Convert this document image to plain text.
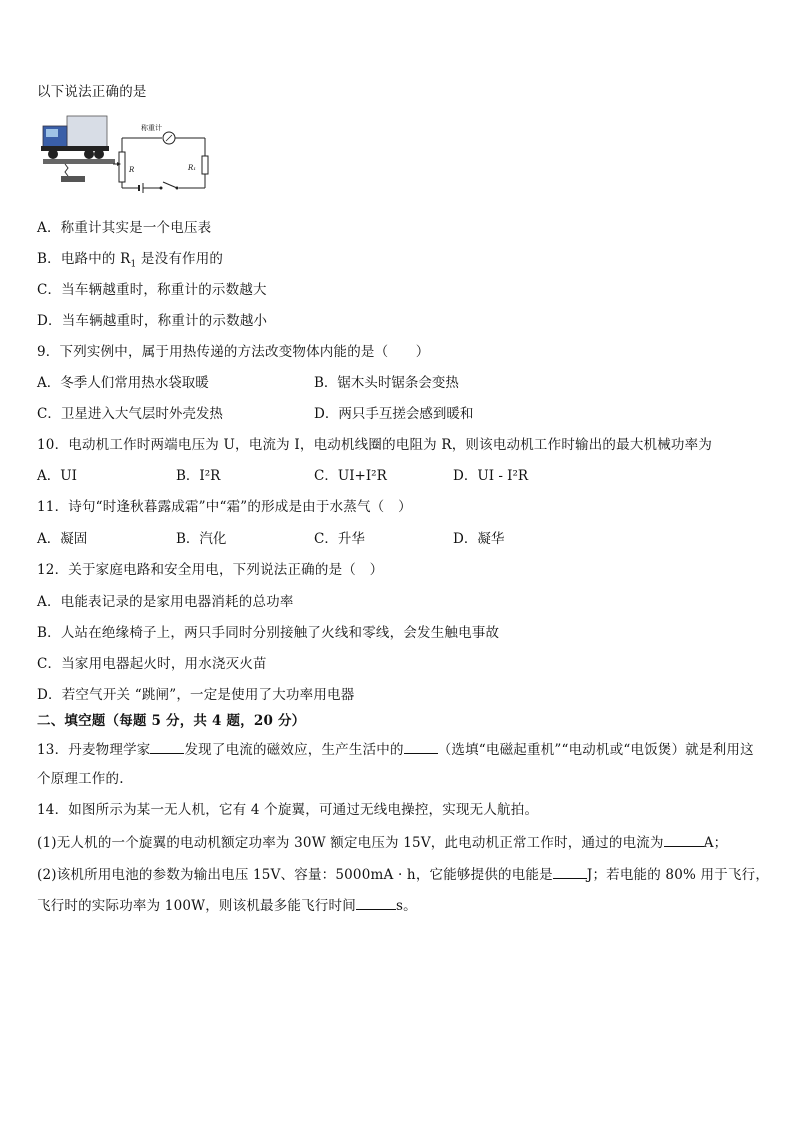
以下说法正确的是
R
称重计
R₁
A．称重计其实是一个电压表
B．电路中的 $R_1$ 是没有作用的
C．当车辆越重时，称重计的示数越大
D．当车辆越重时，称重计的示数越小
9．下列实例中，属于用热传递的方法改变物体内能的是（　　）
A．冬季人们常用热水袋取暖	B．锯木头时锯条会变热
C．卫星进入大气层时外壳发热	D．两只手互搓会感到暖和
10．电动机工作时两端电压为 U，电流为 I，电动机线圈的电阻为 R，则该电动机工作时输出的最大机械功率为
A．UI	B．I²R	C．UI+I²R	D．UI - I²R
11．诗句“时逢秋暮露成霜”中“霜”的形成是由于水蒸气（　）
A．凝固	B．汽化	C．升华	D．凝华
12．关于家庭电路和安全用电，下列说法正确的是（　）
A．电能表记录的是家用电器消耗的总功率
B．人站在绝缘椅子上，两只手同时分别接触了火线和零线，会发生触电事故
C．当家用电器起火时，用水浇灭火苗
D．若空气开关 “跳闸”，一定是使用了大功率用电器
二、填空题（每题 5 分，共 4 题，20 分）
13．丹麦物理学家	发现了电流的磁效应，生产生活中的	（选填“电磁起重机”“电动机或“电饭煲）就是利用这
个原理工作的.
14．如图所示为某一无人机，它有 4 个旋翼，可通过无线电操控，实现无人航拍。
(1)无人机的一个旋翼的电动机额定功率为 30W 额定电压为 15V，此电动机正常工作时，通过的电流为	A；
(2)该机所用电池的参数为输出电压 15V、容量：5000mA · h，它能够提供的电能是	J；若电能的 80% 用于飞行，
飞行时的实际功率为 100W，则该机最多能飞行时间	s。
